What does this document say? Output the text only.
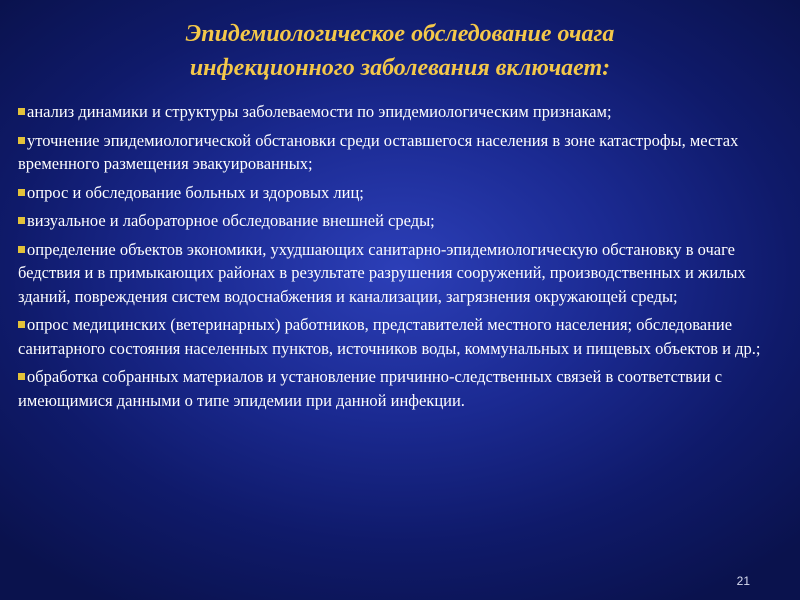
Эпидемиологическое обследование очага
инфекционного заболевания включает:
анализ динамики и структуры заболеваемости по эпидемиологическим признакам;
уточнение эпидемиологической обстановки среди оставшегося населения в зоне катастрофы, местах временного размещения эвакуированных;
опрос и обследование больных и здоровых лиц;
визуальное и лабораторное обследование внешней среды;
определение объектов экономики, ухудшающих санитарно-эпидемиологическую обстановку в очаге бедствия и в примыкающих районах в результате разрушения сооружений, производственных и жилых зданий, повреждения систем водоснабжения и канализации, загрязнения окружающей среды;
опрос медицинских (ветеринарных) работников, представителей местного населения; обследование санитарного состояния населенных пунктов, источников воды, коммунальных и пищевых объектов и др.;
обработка собранных материалов и установление причинно-следственных связей в соответствии с имеющимися данными о типе эпидемии при данной инфекции.
21
